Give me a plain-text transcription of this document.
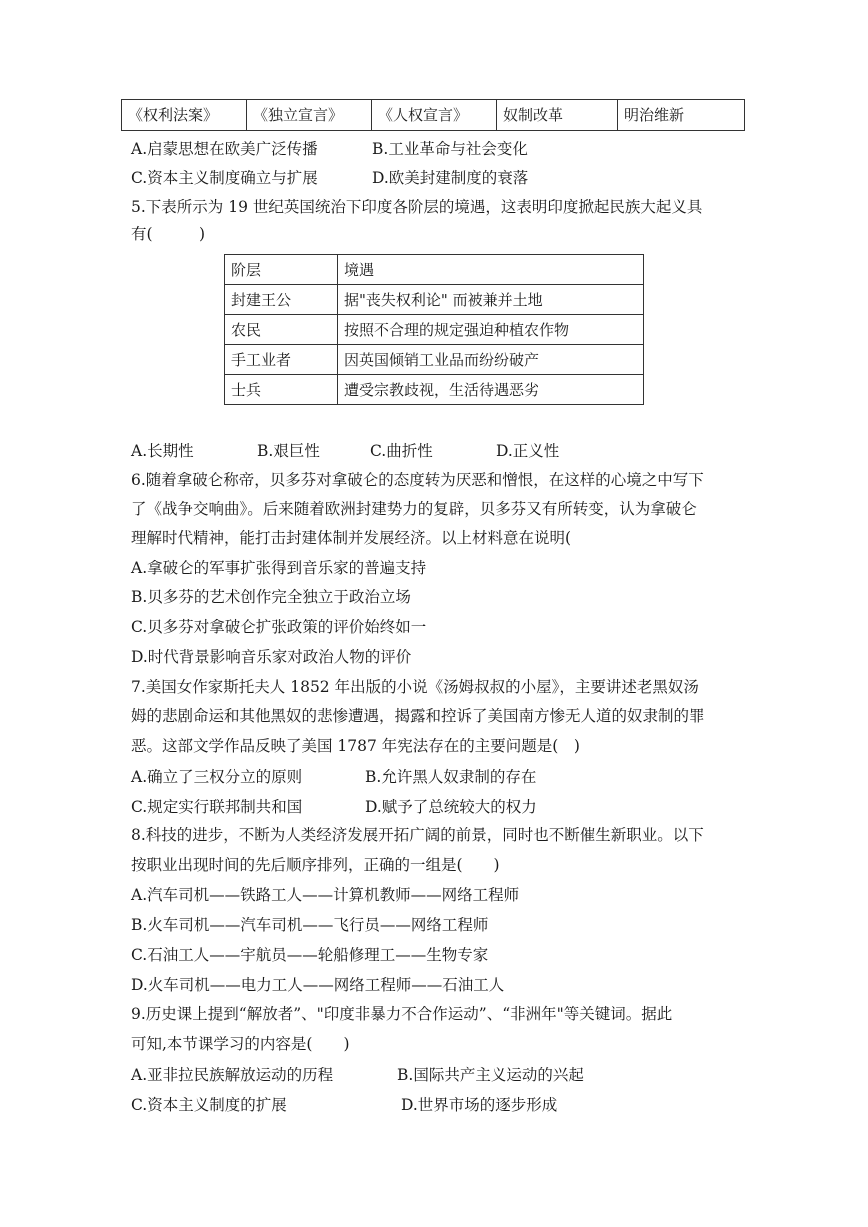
《权利法案》	《独立宣言》	《人权宣言》	奴制改革	明治维新
A.启蒙思想在欧美广泛传播	B.工业革命与社会变化
C.资本主义制度确立与扩展	D.欧美封建制度的衰落
5.下表所示为 19 世纪英国统治下印度各阶层的境遇，这表明印度掀起民族大起义具
有(　　　)
阶层	境遇
封建王公	据"丧失权利论" 而被兼并土地
农民	按照不合理的规定强迫种植农作物
手工业者	因英国倾销工业品而纷纷破产
士兵	遭受宗教歧视，生活待遇恶劣
A.长期性	B.艰巨性	C.曲折性	D.正义性
6.随着拿破仑称帝，贝多芬对拿破仑的态度转为厌恶和憎恨，在这样的心境之中写下
了《战争交响曲》。后来随着欧洲封建势力的复辟，贝多芬又有所转变，认为拿破仑
理解时代精神，能打击封建体制并发展经济。以上材料意在说明(
A.拿破仑的军事扩张得到音乐家的普遍支持
B.贝多芬的艺术创作完全独立于政治立场
C.贝多芬对拿破仑扩张政策的评价始终如一
D.时代背景影响音乐家对政治人物的评价
7.美国女作家斯托夫人 1852 年出版的小说《汤姆叔叔的小屋》，主要讲述老黑奴汤
姆的悲剧命运和其他黑奴的悲惨遭遇，揭露和控诉了美国南方惨无人道的奴隶制的罪
恶。这部文学作品反映了美国 1787 年宪法存在的主要问题是(　)
A.确立了三权分立的原则	B.允许黑人奴隶制的存在
C.规定实行联邦制共和国	D.赋予了总统较大的权力
8.科技的进步，不断为人类经济发展开拓广阔的前景，同时也不断催生新职业。以下
按职业出现时间的先后顺序排列，正确的一组是(　　)
A.汽车司机——铁路工人——计算机教师——网络工程师
B.火车司机——汽车司机——飞行员——网络工程师
C.石油工人——宇航员——轮船修理工——生物专家
D.火车司机——电力工人——网络工程师——石油工人
9.历史课上提到“解放者”、"印度非暴力不合作运动”、“非洲年"等关键词。据此
可知,本节课学习的内容是(　　)
A.亚非拉民族解放运动的历程	B.国际共产主义运动的兴起
C.资本主义制度的扩展	D.世界市场的逐步形成
